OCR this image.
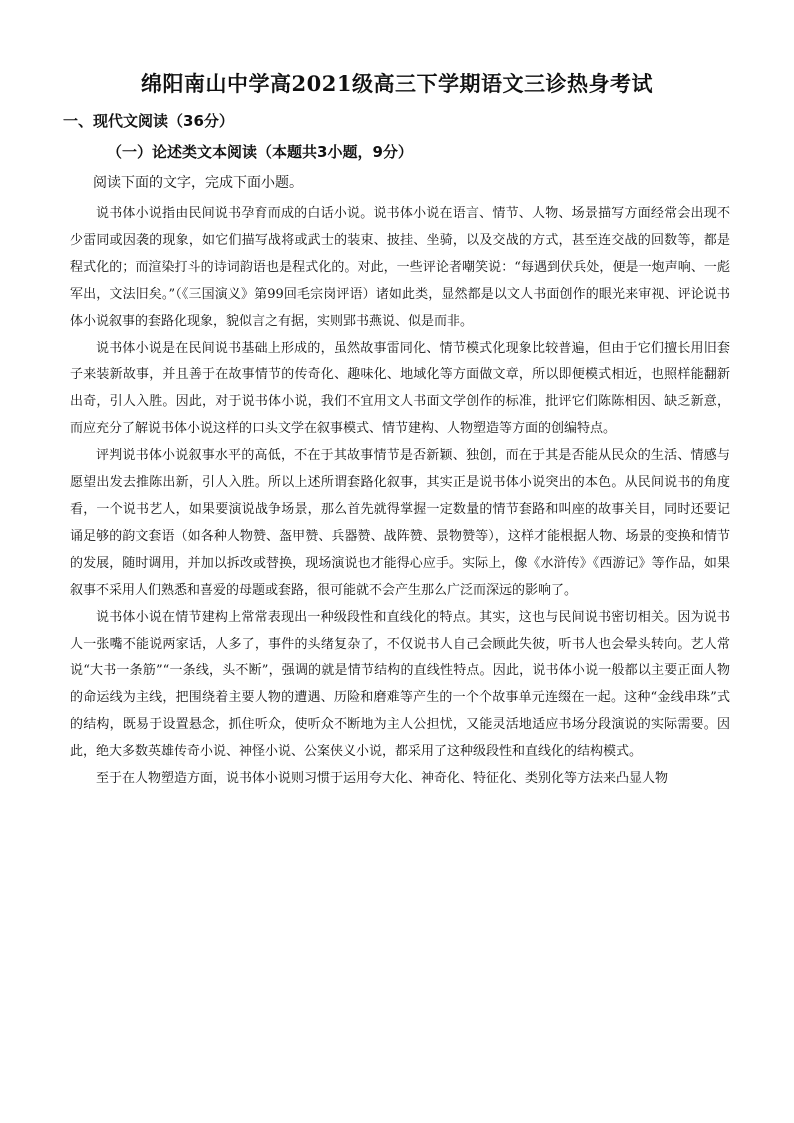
绵阳南山中学高2021级高三下学期语文三诊热身考试
一、现代文阅读（36分）
（一）论述类文本阅读（本题共3小题，9分）
阅读下面的文字，完成下面小题。

说书体小说指由民间说书孕育而成的白话小说。说书体小说在语言、情节、人物、场景描写方面经常会出现不少雷同或因袭的现象，如它们描写战将或武士的装束、披挂、坐骑，以及交战的方式，甚至连交战的回数等，都是程式化的；而渲染打斗的诗词韵语也是程式化的。对此，一些评论者嘲笑说：“每遇到伏兵处，便是一炮声响、一彪军出，文法旧矣。”（《三国演义》第99回毛宗岗评语）诸如此类，显然都是以文人书面创作的眼光来审视、评论说书体小说叙事的套路化现象，貌似言之有据，实则郢书燕说、似是而非。

说书体小说是在民间说书基础上形成的，虽然故事雷同化、情节模式化现象比较普遍，但由于它们擅长用旧套子来装新故事，并且善于在故事情节的传奇化、趣味化、地域化等方面做文章，所以即便模式相近，也照样能翻新出奇，引人入胜。因此，对于说书体小说，我们不宜用文人书面文学创作的标准，批评它们陈陈相因、缺乏新意，而应充分了解说书体小说这样的口头文学在叙事模式、情节建构、人物塑造等方面的创编特点。

评判说书体小说叙事水平的高低，不在于其故事情节是否新颖、独创，而在于其是否能从民众的生活、情感与愿望出发去推陈出新，引人入胜。所以上述所谓套路化叙事，其实正是说书体小说突出的本色。从民间说书的角度看，一个说书艺人，如果要演说战争场景，那么首先就得掌握一定数量的情节套路和叫座的故事关目，同时还要记诵足够的韵文套语（如各种人物赞、盔甲赞、兵器赞、战阵赞、景物赞等），这样才能根据人物、场景的变换和情节的发展，随时调用，并加以拆改或替换，现场演说也才能得心应手。实际上，像《水浒传》《西游记》等作品，如果叙事不采用人们熟悉和喜爱的母题或套路，很可能就不会产生那么广泛而深远的影响了。

说书体小说在情节建构上常常表现出一种级段性和直线化的特点。其实，这也与民间说书密切相关。因为说书人一张嘴不能说两家话，人多了，事件的头绪复杂了，不仅说书人自己会顾此失彼，听书人也会晕头转向。艺人常说“大书一条筋”“一条线，头不断”，强调的就是情节结构的直线性特点。因此，说书体小说一般都以主要正面人物的命运线为主线，把围绕着主要人物的遭遇、历险和磨难等产生的一个个故事单元连缀在一起。这种“金线串珠”式的结构，既易于设置悬念，抓住听众，使听众不断地为主人公担忧，又能灵活地适应书场分段演说的实际需要。因此，绝大多数英雄传奇小说、神怪小说、公案侠义小说，都采用了这种级段性和直线化的结构模式。

至于在人物塑造方面，说书体小说则习惯于运用夸大化、神奇化、特征化、类别化等方法来凸显人物
